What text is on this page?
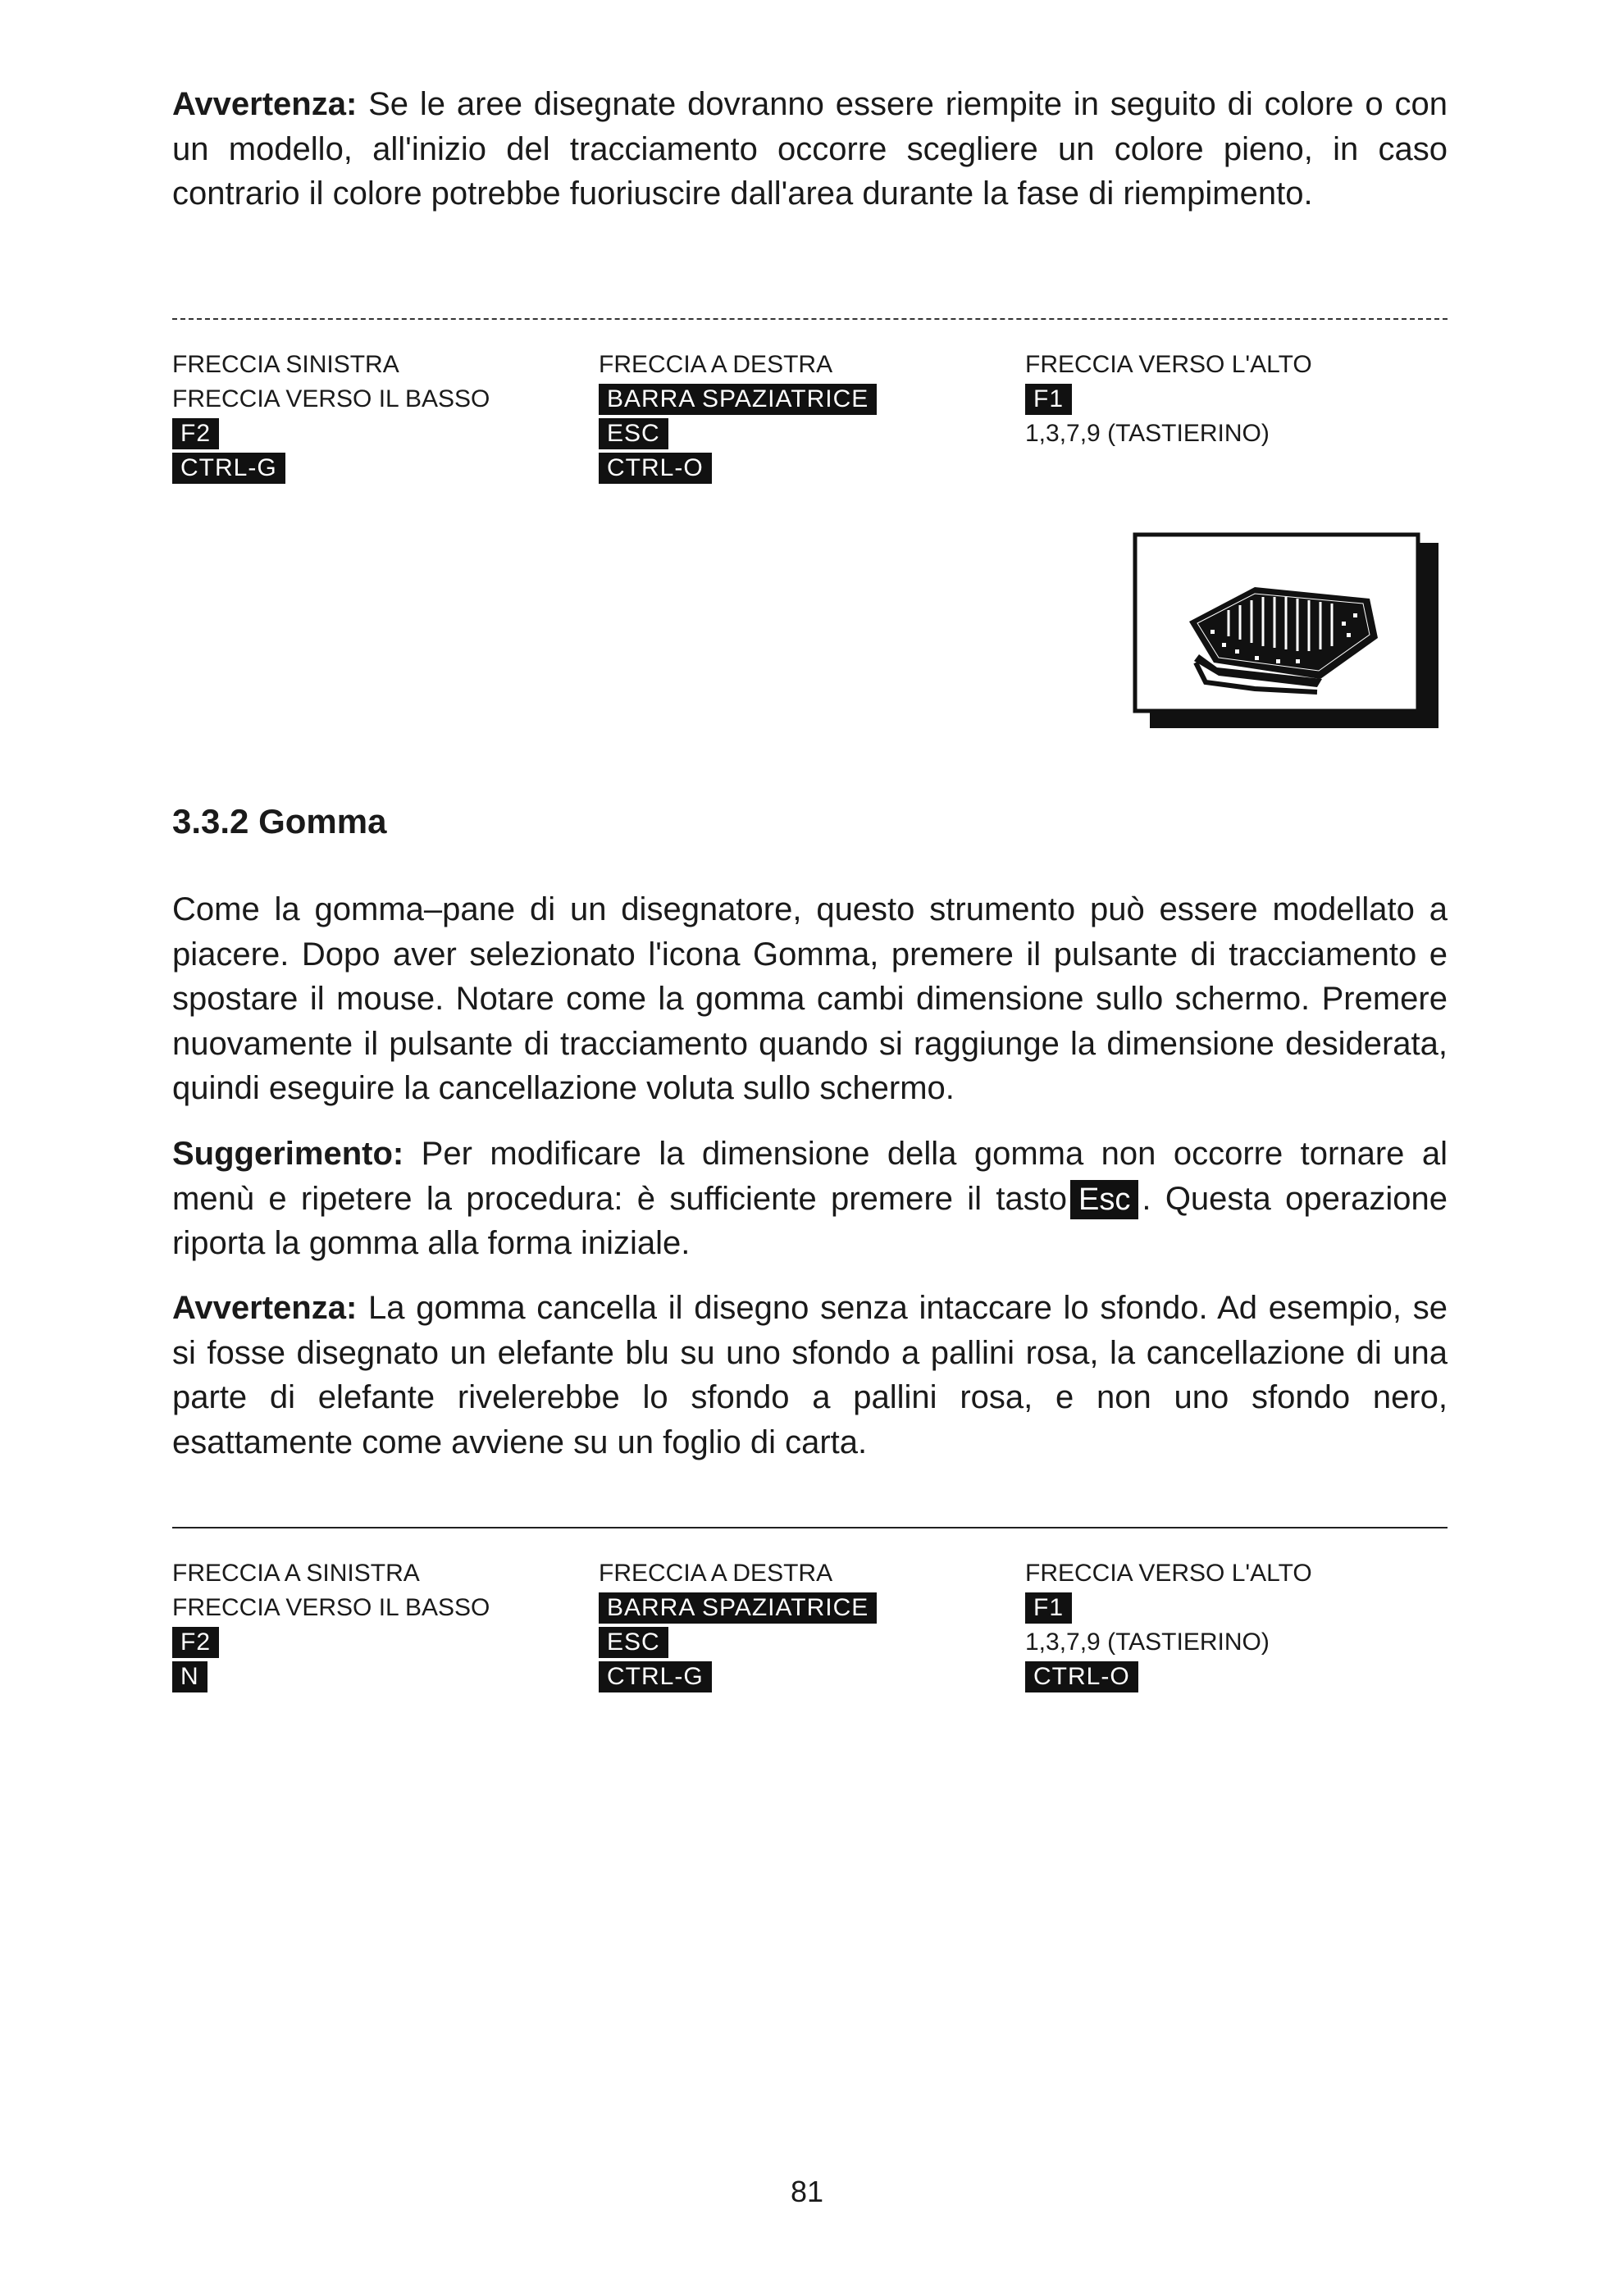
Avvertenza: Se le aree disegnate dovranno essere riempite in seguito di colore o con un modello, all'inizio del tracciamento occorre scegliere un colore pieno, in caso contrario il colore potrebbe fuoriuscire dall'area durante la fase di riempimento.

FRECCIA SINISTRA
FRECCIA VERSO IL BASSO
F2
CTRL-G
FRECCIA A DESTRA
BARRA SPAZIATRICE
ESC
CTRL-O
FRECCIA VERSO L'ALTO
F1
1,3,7,9 (TASTIERINO)
3.3.2 Gomma

Come la gomma–pane di un disegnatore, questo strumento può essere modellato a piacere. Dopo aver selezionato l'icona Gomma, premere il pulsante di tracciamento e spostare il mouse. Notare come la gomma cambi dimensione sullo schermo. Premere nuovamente il pulsante di tracciamento quando si raggiunge la dimensione desiderata, quindi eseguire la cancellazione voluta sullo schermo.

Suggerimento: Per modificare la dimensione della gomma non occorre tornare al menù e ripetere la procedura: è sufficiente premere il tasto Esc . Questa operazione riporta la gomma alla forma iniziale.

Avvertenza: La gomma cancella il disegno senza intaccare lo sfondo. Ad esempio, se si fosse disegnato un elefante blu su uno sfondo a pallini rosa, la cancellazione di una parte di elefante rivelerebbe lo sfondo a pallini rosa, e non uno sfondo nero, esattamente come avviene su un foglio di carta.

FRECCIA A SINISTRA
FRECCIA VERSO IL BASSO
F2
N
FRECCIA A DESTRA
BARRA SPAZIATRICE
ESC
CTRL-G
FRECCIA VERSO L'ALTO
F1
1,3,7,9 (TASTIERINO)
CTRL-O

81
